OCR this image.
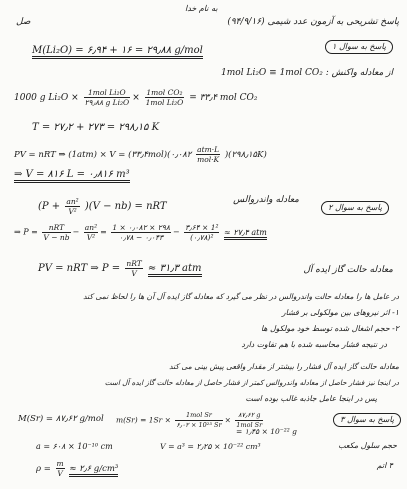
به نام خدا
پاسخ تشریحی به آزمون عدد شیمی (۹۴/۹/۱۶)
صل
پاسخ به سوال ۱
M(Li₂O) = ۶٫۹۴ + ۱۶ = ۲۹٫۸۸ g/mol
از معادله واکنش : 1mol Li₂O ≡ 1mol CO₂
1000 g $Li_2O \times \frac{\text{1mol Li₂O}}{\text{۲۹٫۸۸ g Li₂O}} \times \frac{\text{1mol CO₂}}{\text{1mol Li₂O}}$ = ۳۳٫۴ mol CO₂
T = ۲۷٫۲ + ۲۷۳ = ۲۹۸٫۱۵ K
PV = nRT ⇒ (1atm) × V = (۳۳٫۴mol)(۰٫۰۸۲ $\frac{\text{atm·L}}{\text{mol·K}}$ )(۲۹۸٫۱۵K)
⇒ V = ۸۱۶ L = ۰٫۸۱۶ m³
پاسخ به سوال ۲
معادله واندروالس
$(P + \frac{\text{an²}}{\text{V²}} )(V - nb)$ = nRT
⇒ $P = \frac{\text{nRT}}{V - nb} - \frac{\text{an²}}{\text{V²}} = \frac{1 \times ۰٫۰۸۲ \times ۲۹۸}{۰٫۷۸ - ۰٫۰۴۳} - \frac{\text{۳٫۶۴ × 1²}}{\text{(۰٫۷۸)²}}$ ≈ ۲۷٫۴ atm
معادله حالت گاز ایده آل
PV = nRT ⇒ $P = \frac{\text{nRT}}{V}$ ≈ ۳۱٫۳ atm
در عامل ها را معادله حالت واندروالس در نظر می گیرد که معادله گاز ایده آل آن ها را لحاظ نمی کند
۱- اثر نیروهای بین مولکولی بر فشار
۲- حجم اشغال شده توسط خود مولکول ها
در نتیجه فشار محاسبه شده با هم تفاوت دارد
معادله حالت گاز ایده آل فشار را بیشتر از مقدار واقعی پیش بینی می کند
در اینجا نیز فشار حاصل از معادله واندروالس کمتر از فشار حاصل از معادله حالت گاز ایده آل است
پس در اینجا عامل جاذبه غالب بوده است
پاسخ به سوال ۳
M(Sr) = ۸۷٫۶۲ g/mol $m(Sr) = 1Sr \times \frac{\text{1mol Sr}}{\text{۶٫۰۲ × 10²³ Sr}} \times \frac{۸۷٫۶۲ g}{\text{1mol Sr}}$
= ۱٫۴۵ × 10⁻²² g
حجم سلول مکعب
a = ۶۰۸ × 10⁻¹⁰ cm	V = a³ = ۲٫۲۵ × 10⁻²² cm³
۴ اتم
$\rho = \frac{m}{V}$ ≈ ۲٫۶ g/cm³
